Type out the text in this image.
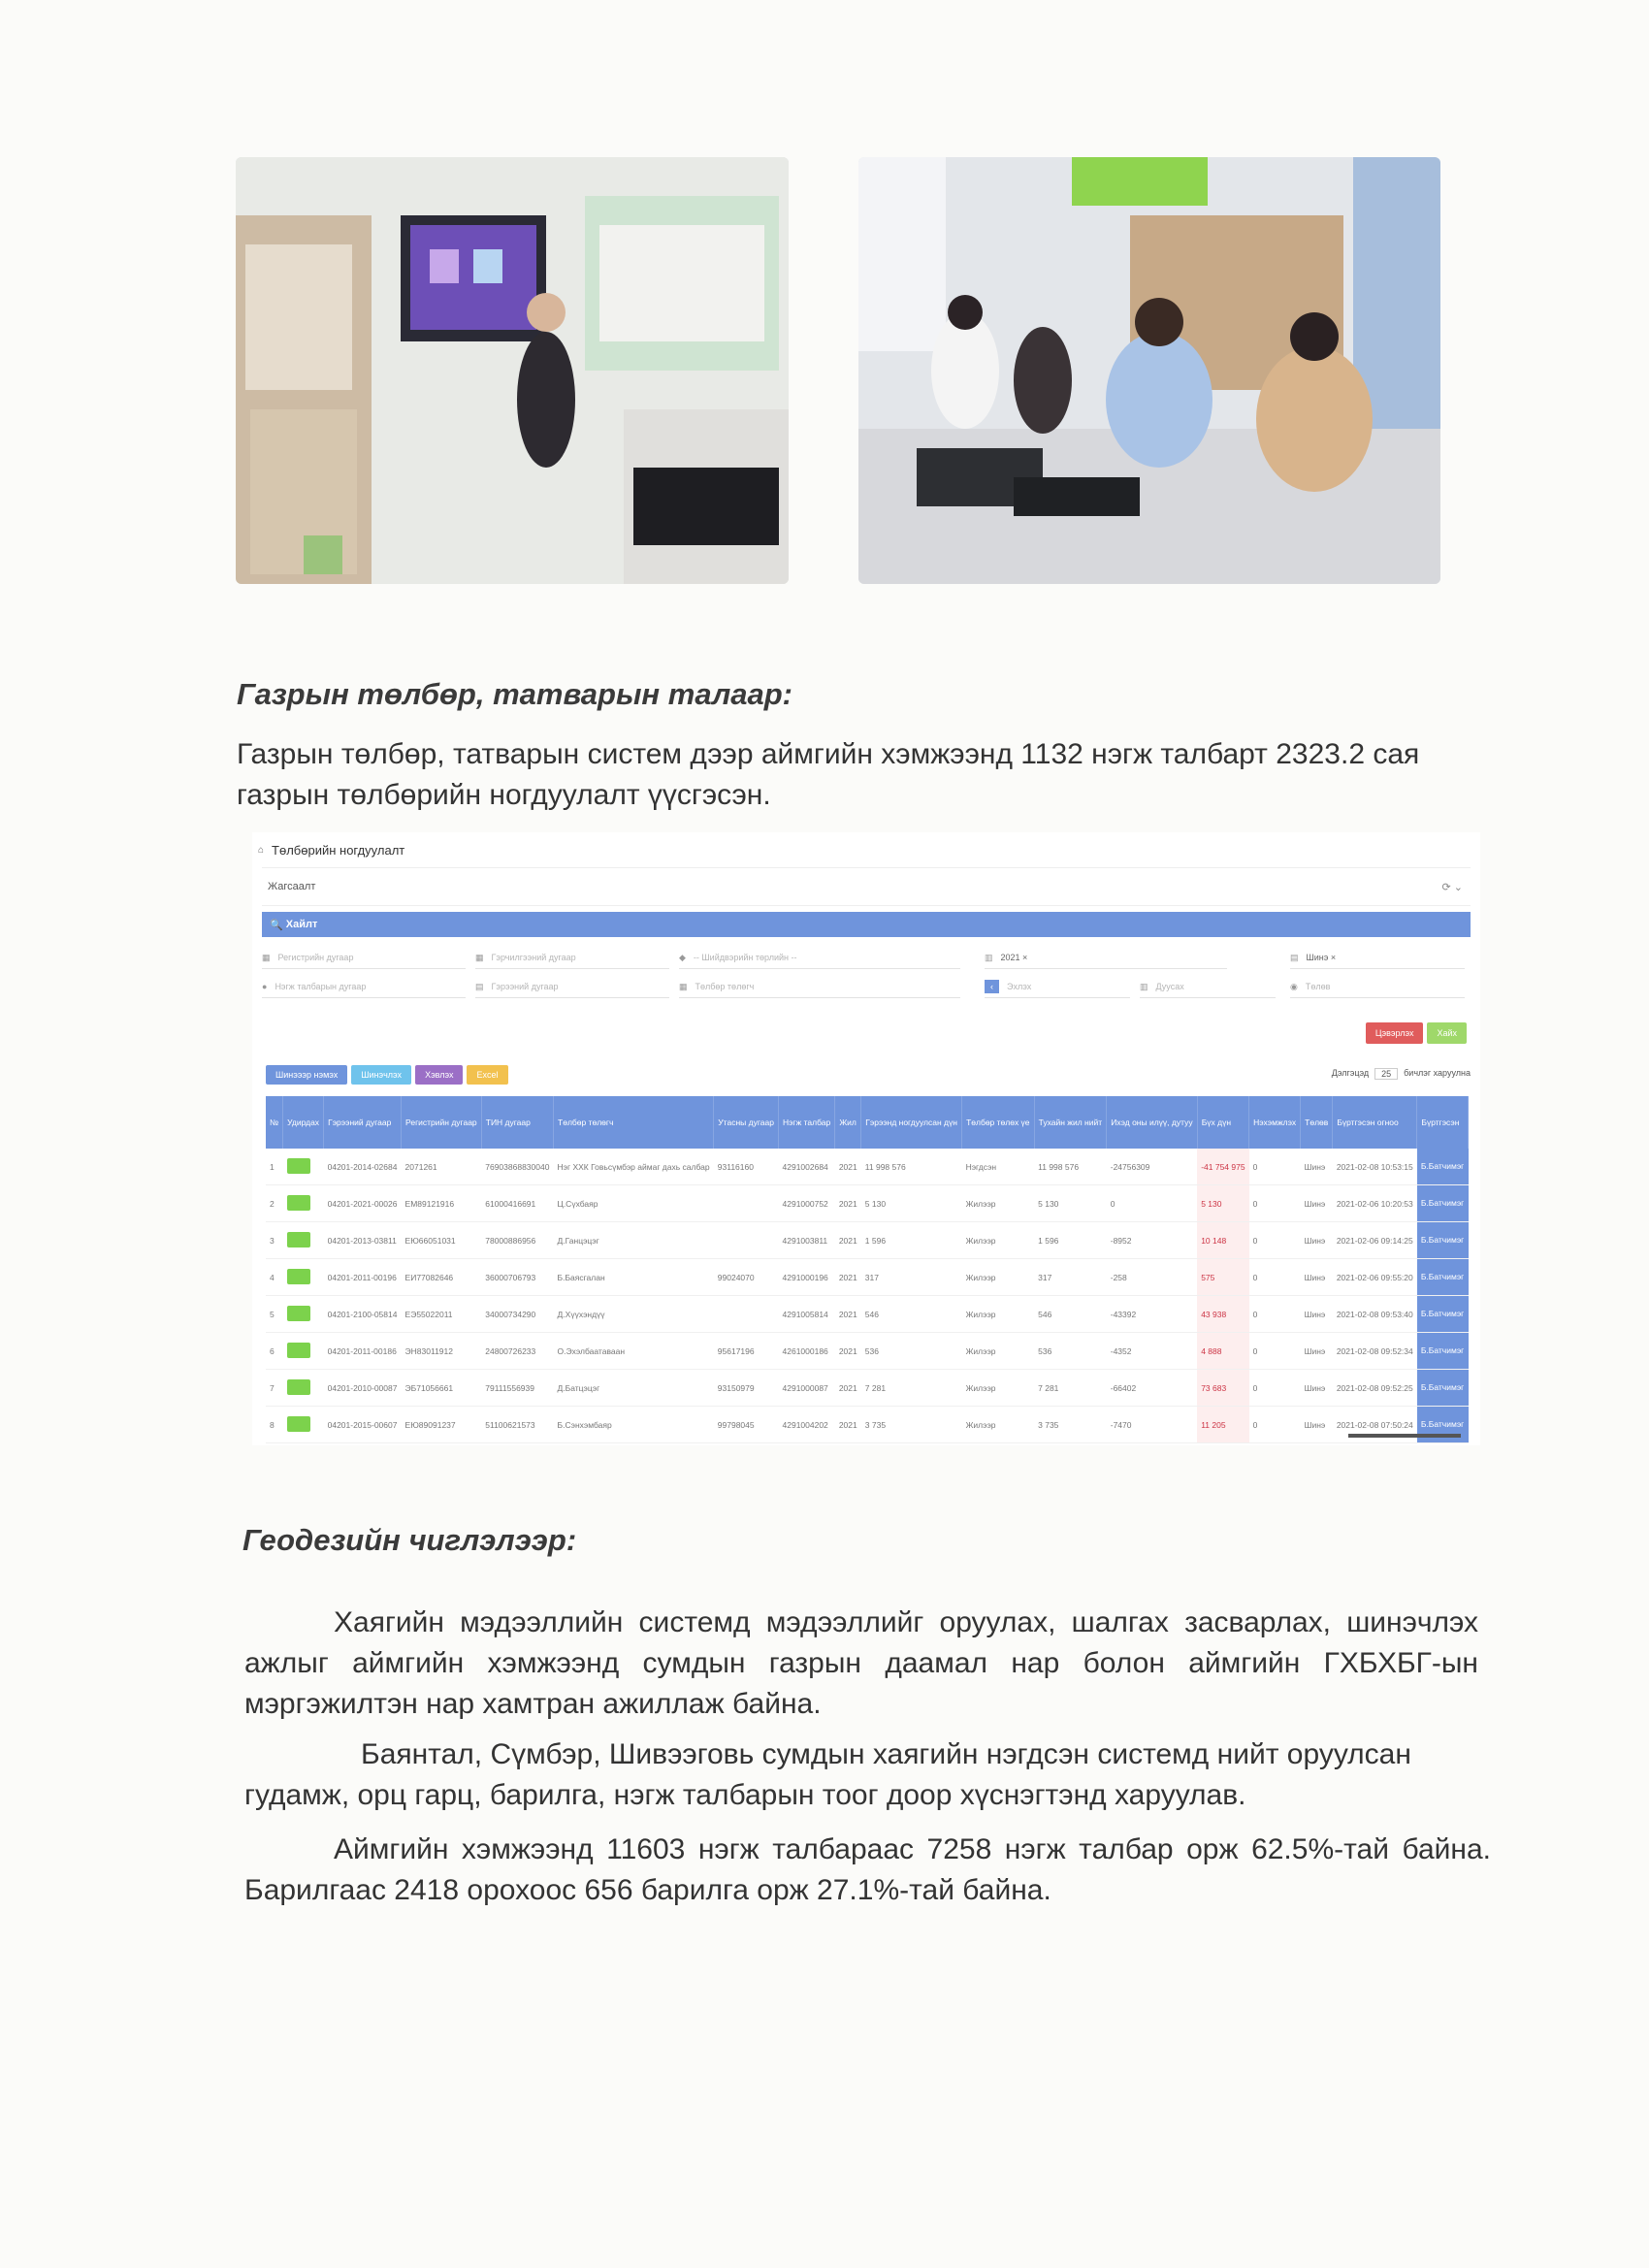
Газрын төлбөр, татварын талаар:

Газрын төлбөр, татварын систем дээр аймгийн хэмжээнд 1132 нэгж талбарт 2323.2 сая газрын төлбөрийн ногдуулалт үүсгэсэн.

⌂ Төлбөрийн ногдуулалт
Жагсаалт	⟳ ⌄
🔍 Хайлт
▦ Регистрийн дугаар	▦ Гэрчилгээний дугаар	◆ -- Шийдвэрийн төрлийн --	▥ 2021 ×	▤ Шинэ ×
● Нэгж талбарын дугаар	▤ Гэрээний дугаар	▦ Төлбөр төлөгч	‹	Эхлэх	▥ Дуусах	◉ Төлөв
Цэвэрлэх	Хайх
Шинэээр нэмэх	Шинэчлэх	Хэвлэх	Excel	Дэлгэцэд	25	бичлэг харуулна
№	Удирдах	Гэрээний дугаар	Регистрийн дугаар	ТИН дугаар	Төлбөр төлөгч	Утасны дугаар	Нэгж талбар	Жил	Гэрээнд ногдуулсан дүн	Төлбөр төлөх үе	Тухайн жил нийт	Ихэд оны илүү, дутуу	Бүх дүн	Нэхэмжлэх	Төлөв	Бүртгэсэн огноо	Бүртгэсэн
1		04201-2014-02684	2071261	76903868830040	Нэг ХХК Говьсүмбэр аймаг дахь салбар	93116160	4291002684	2021	11 998 576	Нэгдсэн	11 998 576	-24756309	-41 754 975	0	Шинэ	2021-02-08 10:53:15	Б.Батчимэг
2		04201-2021-00026	ЕМ89121916	61000416691	Ц.Сүхбаяр		4291000752	2021	5 130	Жилээр	5 130	0	5 130	0	Шинэ	2021-02-06 10:20:53	Б.Батчимэг
3		04201-2013-03811	ЕЮ66051031	78000886956	Д.Ганцэцэг		4291003811	2021	1 596	Жилээр	1 596	-8952	10 148	0	Шинэ	2021-02-06 09:14:25	Б.Батчимэг
4		04201-2011-00196	ЕИ77082646	36000706793	Б.Баясгалан	99024070	4291000196	2021	317	Жилээр	317	-258	575	0	Шинэ	2021-02-06 09:55:20	Б.Батчимэг
5		04201-2100-05814	ЕЭ55022011	34000734290	Д.Хүүхэндүү		4291005814	2021	546	Жилээр	546	-43392	43 938	0	Шинэ	2021-02-08 09:53:40	Б.Батчимэг
6		04201-2011-00186	ЭН83011912	24800726233	О.Эхэлбаатаваан	95617196	4261000186	2021	536	Жилээр	536	-4352	4 888	0	Шинэ	2021-02-08 09:52:34	Б.Батчимэг
7		04201-2010-00087	ЭБ71056661	79111556939	Д.Батцэцэг	93150979	4291000087	2021	7 281	Жилээр	7 281	-66402	73 683	0	Шинэ	2021-02-08 09:52:25	Б.Батчимэг
8		04201-2015-00607	ЕЮ89091237	51100621573	Б.Сэнхэмбаяр	99798045	4291004202	2021	3 735	Жилээр	3 735	-7470	11 205	0	Шинэ	2021-02-08 07:50:24	Б.Батчимэг
Геодезийн чиглэлээр:

Хаягийн мэдээллийн системд мэдээллийг оруулах, шалгах засварлах, шинэчлэх ажлыг аймгийн хэмжээнд сумдын газрын даамал нар болон аймгийн ГХБХБГ-ын мэргэжилтэн нар хамтран ажиллаж байна.

Баянтал, Сүмбэр, Шивээговь сумдын хаягийн нэгдсэн системд нийт оруулсан гудамж, орц гарц, барилга, нэгж талбарын тоог доор хүснэгтэнд харуулав.

Аймгийн хэмжээнд 11603 нэгж талбараас 7258 нэгж талбар орж 62.5%-тай байна. Барилгаас 2418 орохоос 656 барилга орж 27.1%-тай байна.
